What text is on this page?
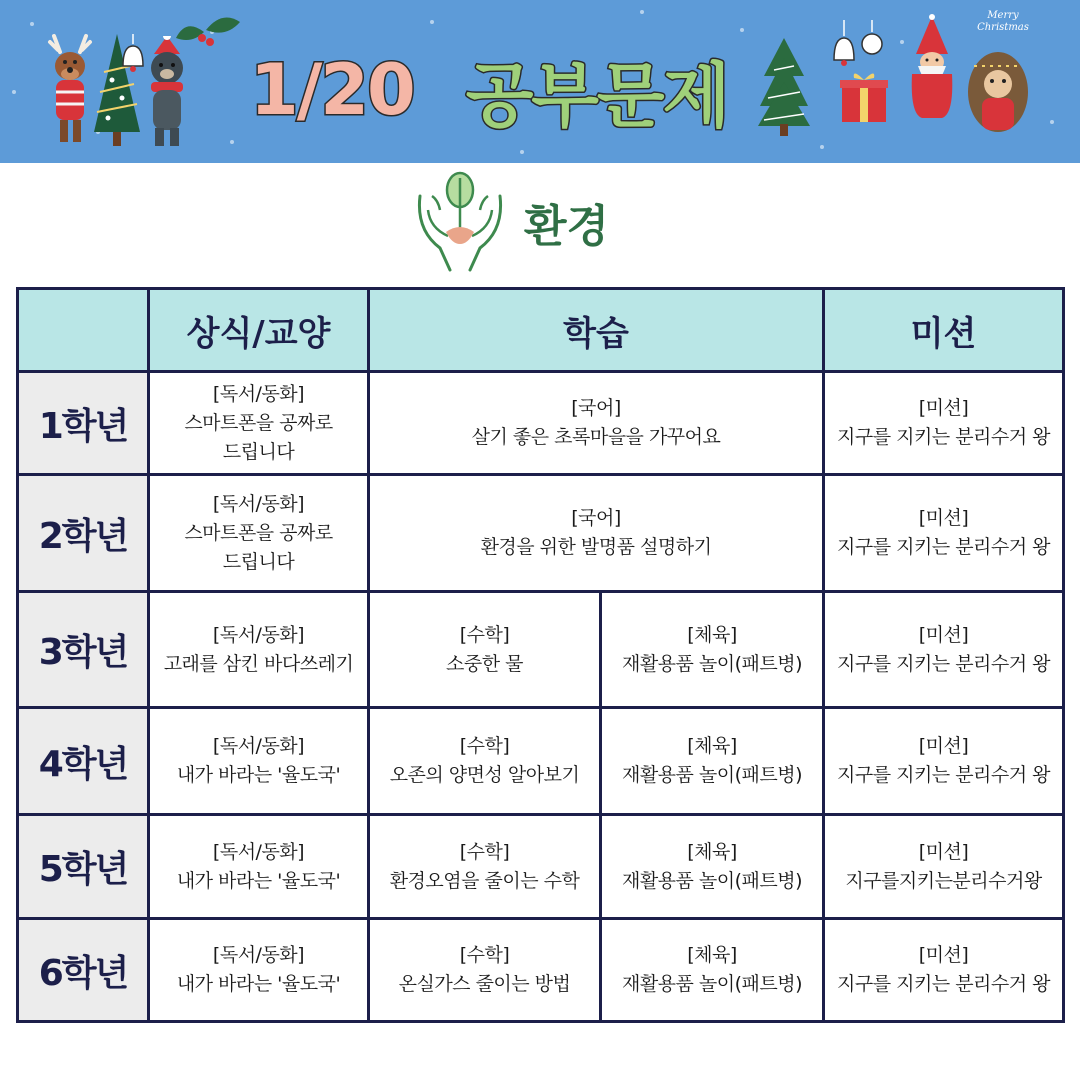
1/20 공부문제
Merry
Christmas
환경
	상식/교양	학습		미션
1학년	[독서/동화]
스마트폰을 공짜로
드립니다	[국어]
살기 좋은 초록마을을 가꾸어요		[미션]
지구를 지키는 분리수거 왕

2학년	[독서/동화]
스마트폰을 공짜로
드립니다	[국어]
환경을 위한 발명품 설명하기		[미션]
지구를 지키는 분리수거 왕

3학년	[독서/동화]
고래를 삼킨 바다쓰레기	[수학]
소중한 물	[체육]
재활용품 놀이(패트병)	[미션]
지구를 지키는 분리수거 왕

4학년	[독서/동화]
내가 바라는 '율도국'	[수학]
오존의 양면성 알아보기	[체육]
재활용품 놀이(패트병)	[미션]
지구를 지키는 분리수거 왕

5학년	[독서/동화]
내가 바라는 '율도국'	[수학]
환경오염을 줄이는 수학	[체육]
재활용품 놀이(패트병)	[미션]
지구를지키는분리수거왕

6학년	[독서/동화]
내가 바라는 '율도국'	[수학]
온실가스 줄이는 방법	[체육]
재활용품 놀이(패트병)	[미션]
지구를 지키는 분리수거 왕
